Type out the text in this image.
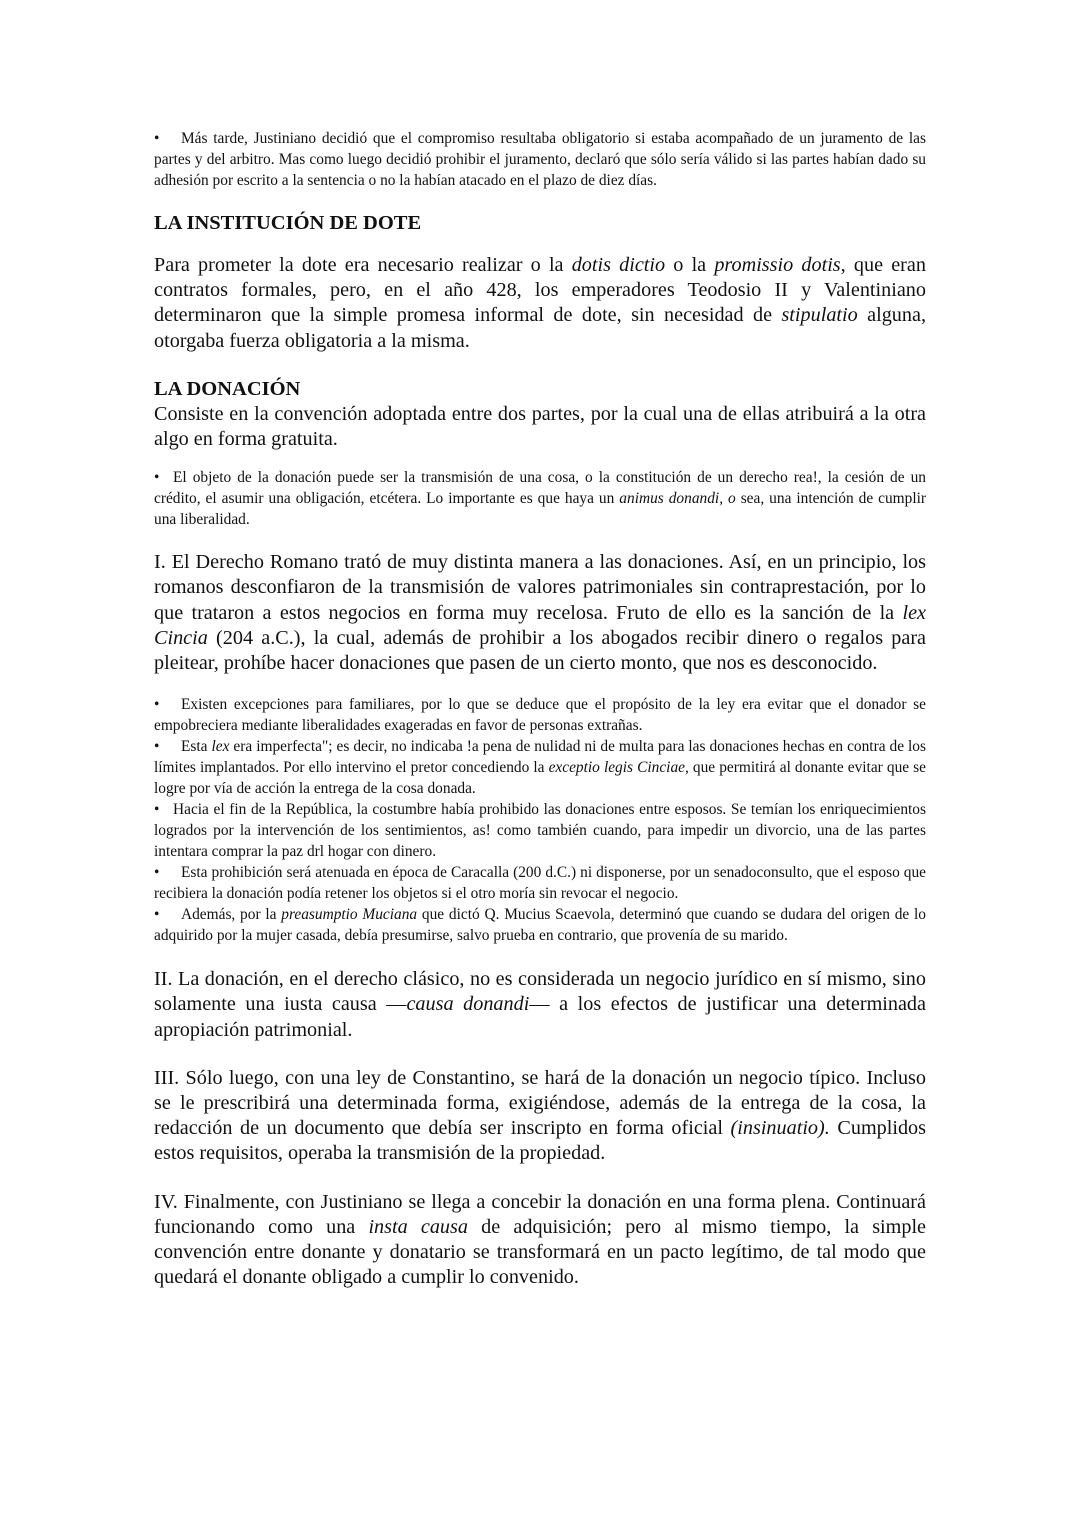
• Más tarde, Justiniano decidió que el compromiso resultaba obligatorio si estaba acompañado de un juramento de las partes y del arbitro. Mas como luego decidió prohibir el juramento, declaró que sólo sería válido si las partes habían dado su adhesión por escrito a la sentencia o no la habían atacado en el plazo de diez días.

LA INSTITUCIÓN DE DOTE

Para prometer la dote era necesario realizar o la dotis dictio o la promissio dotis, que eran contratos formales, pero, en el año 428, los emperadores Teodosio II y Valentiniano determinaron que la simple promesa informal de dote, sin necesidad de stipulatio alguna, otorgaba fuerza obligatoria a la misma.

LA DONACIÓN

Consiste en la convención adoptada entre dos partes, por la cual una de ellas atribuirá a la otra algo en forma gratuita.

• El objeto de la donación puede ser la transmisión de una cosa, o la constitución de un derecho rea!, la cesión de un crédito, el asumir una obligación, etcétera. Lo importante es que haya un animus donandi, o sea, una intención de cumplir una liberalidad.

I. El Derecho Romano trató de muy distinta manera a las donaciones. Así, en un principio, los romanos desconfiaron de la transmisión de valores patrimoniales sin contraprestación, por lo que trataron a estos negocios en forma muy recelosa. Fruto de ello es la sanción de la lex Cincia (204 a.C.), la cual, además de prohibir a los abogados recibir dinero o regalos para pleitear, prohíbe hacer donaciones que pasen de un cierto monto, que nos es desconocido.

• Existen excepciones para familiares, por lo que se deduce que el propósito de la ley era evitar que el donador se empobreciera mediante liberalidades exageradas en favor de personas extrañas.

• Esta lex era imperfecta"; es decir, no indicaba !a pena de nulidad ni de multa para las donaciones hechas en contra de los límites implantados. Por ello intervino el pretor concediendo la exceptio legis Cinciae, que permitirá al donante evitar que se logre por vía de acción la entrega de la cosa donada.

• Hacia el fin de la República, la costumbre había prohibido las donaciones entre esposos. Se temían los enriquecimientos logrados por la intervención de los sentimientos, as! como también cuando, para impedir un divorcio, una de las partes intentara comprar la paz drl hogar con dinero.

• Esta prohibición será atenuada en época de Caracalla (200 d.C.) ni disponerse, por un senadoconsulto, que el esposo que recibiera la donación podía retener los objetos si el otro moría sin revocar el negocio.

• Además, por la preasumptio Muciana que dictó Q. Mucius Scaevola, determinó que cuando se dudara del origen de lo adquirido por la mujer casada, debía presumirse, salvo prueba en contrario, que provenía de su marido.

II. La donación, en el derecho clásico, no es considerada un negocio jurídico en sí mismo, sino solamente una iusta causa —causa donandi— a los efectos de justificar una determinada apropiación patrimonial.

III. Sólo luego, con una ley de Constantino, se hará de la donación un negocio típico. Incluso se le prescribirá una determinada forma, exigiéndose, además de la entrega de la cosa, la redacción de un documento que debía ser inscripto en forma oficial (insinuatio). Cumplidos estos requisitos, operaba la transmisión de la propiedad.

IV. Finalmente, con Justiniano se llega a concebir la donación en una forma plena. Continuará funcionando como una insta causa de adquisición; pero al mismo tiempo, la simple convención entre donante y donatario se transformará en un pacto legítimo, de tal modo que quedará el donante obligado a cumplir lo convenido.
